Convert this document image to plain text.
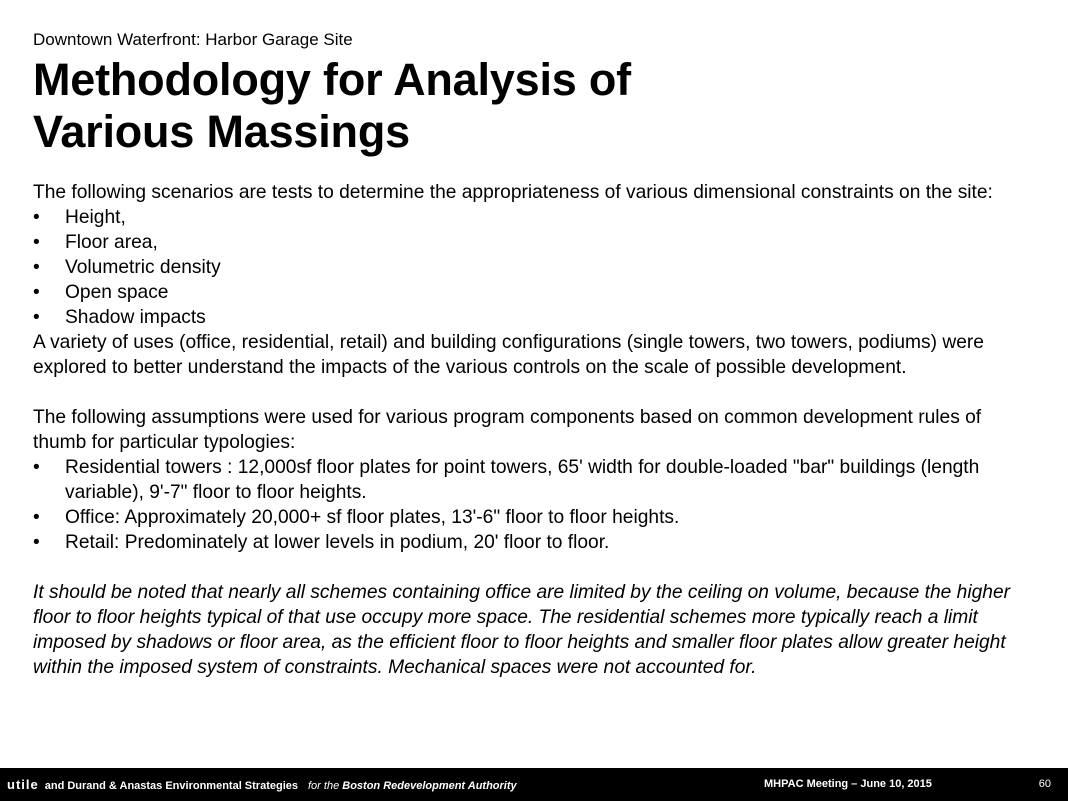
Downtown Waterfront: Harbor Garage Site
Methodology for Analysis of
Various Massings

The following scenarios are tests to determine the appropriateness of various dimensional constraints on the site:

• Height,
• Floor area,
• Volumetric density
• Open space
• Shadow impacts

A variety of uses (office, residential, retail) and building configurations (single towers, two towers, podiums) were explored to better understand the impacts of the various controls on the scale of possible development.

The following assumptions were used for various program components based on common development rules of thumb for particular typologies:

• Residential towers : 12,000sf floor plates for point towers, 65' width for double-loaded "bar" buildings (length variable), 9'-7" floor to floor heights.
• Office: Approximately 20,000+ sf floor plates, 13'-6" floor to floor heights.
• Retail: Predominately at lower levels in podium, 20' floor to floor.

It should be noted that nearly all schemes containing office are limited by the ceiling on volume, because the higher floor to floor heights typical of that use occupy more space. The residential schemes more typically reach a limit imposed by shadows or floor area, as the efficient floor to floor heights and smaller floor plates allow greater height within the imposed system of constraints. Mechanical spaces were not accounted for.

utile and Durand & Anastas Environmental Strategies for the Boston Redevelopment Authority	MHPAC Meeting – June 10, 2015	60
